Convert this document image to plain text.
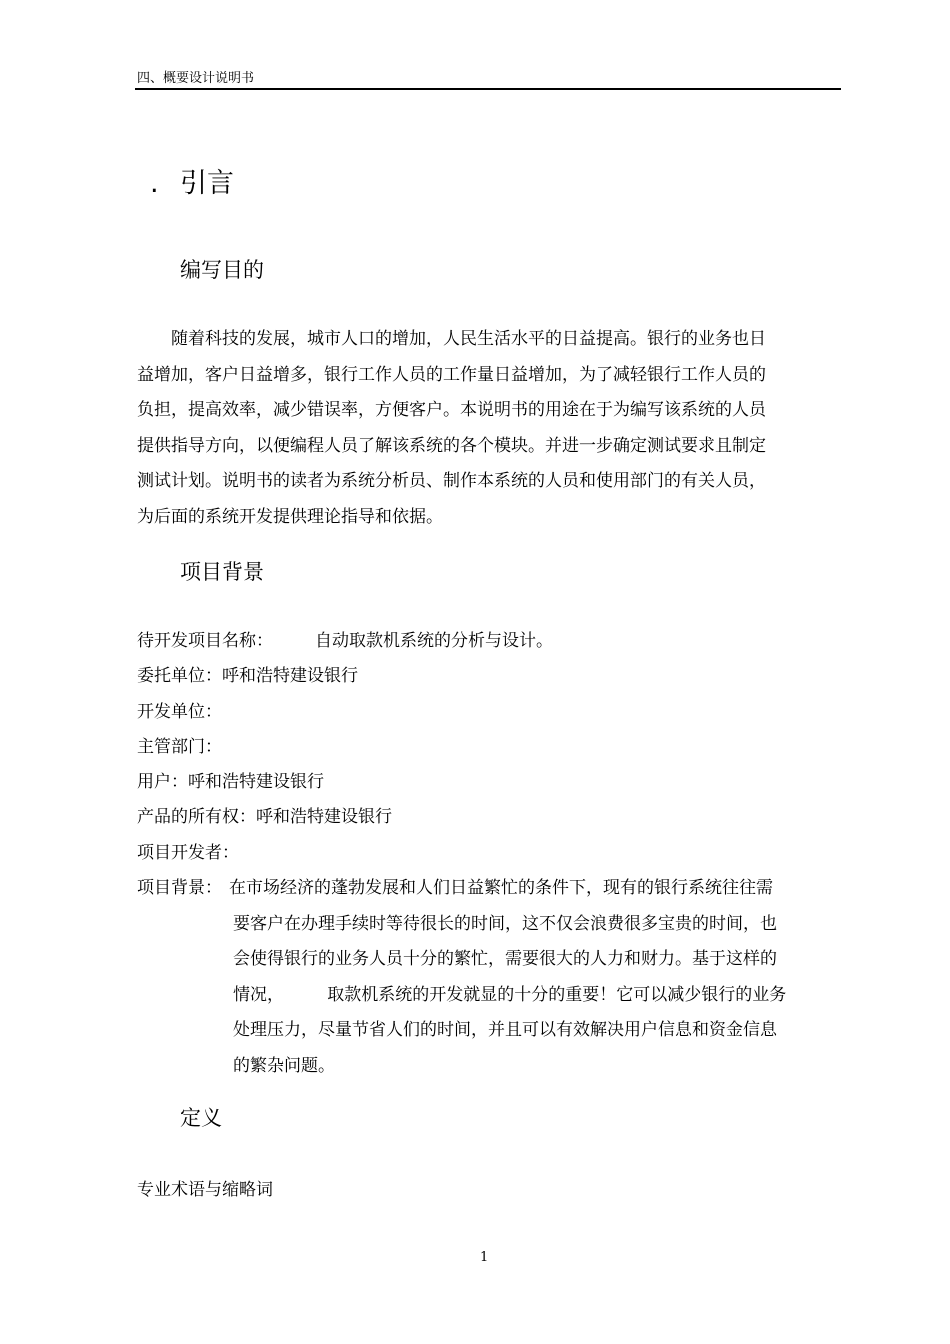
四、概要设计说明书
. 引言
编写目的
随着科技的发展，城市人口的增加，人民生活水平的日益提高。银行的业务也日
益增加，客户日益增多，银行工作人员的工作量日益增加，为了减轻银行工作人员的
负担，提高效率，减少错误率，方便客户。本说明书的用途在于为编写该系统的人员
提供指导方向，以便编程人员了解该系统的各个模块。并进一步确定测试要求且制定
测试计划。说明书的读者为系统分析员、制作本系统的人员和使用部门的有关人员，
为后面的系统开发提供理论指导和依据。
项目背景
待开发项目名称： 自动取款机系统的分析与设计。
委托单位：呼和浩特建设银行
开发单位：
主管部门：
用户：呼和浩特建设银行
产品的所有权：呼和浩特建设银行
项目开发者：
项目背景： 在市场经济的蓬勃发展和人们日益繁忙的条件下，现有的银行系统往往需
要客户在办理手续时等待很长的时间，这不仅会浪费很多宝贵的时间，也
会使得银行的业务人员十分的繁忙，需要很大的人力和财力。基于这样的
情况，        取款机系统的开发就显的十分的重要！它可以减少银行的业务
处理压力，尽量节省人们的时间，并且可以有效解决用户信息和资金信息
的繁杂问题。
定义
专业术语与缩略词
1
